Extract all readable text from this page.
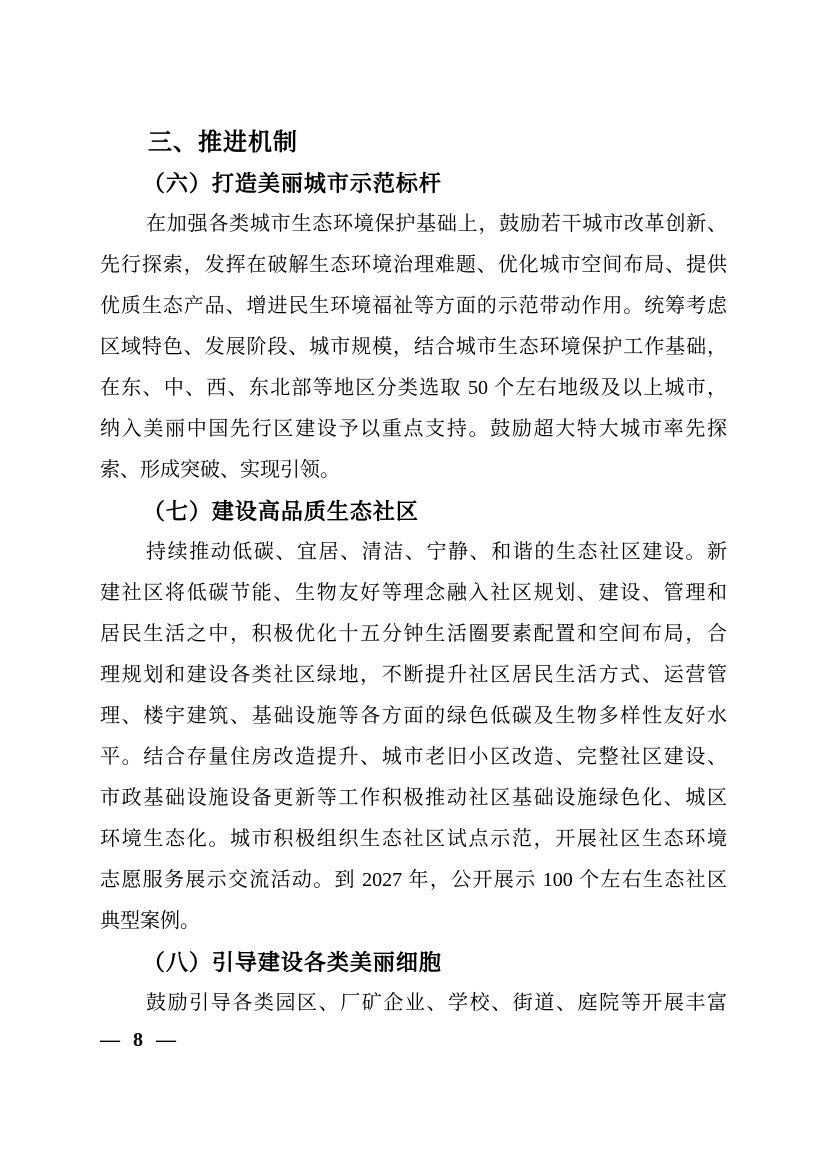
三、推进机制
（六）打造美丽城市示范标杆
在加强各类城市生态环境保护基础上，鼓励若干城市改革创新、
先行探索，发挥在破解生态环境治理难题、优化城市空间布局、提供
优质生态产品、增进民生环境福祉等方面的示范带动作用。统筹考虑
区域特色、发展阶段、城市规模，结合城市生态环境保护工作基础，
在东、中、西、东北部等地区分类选取 50 个左右地级及以上城市，
纳入美丽中国先行区建设予以重点支持。鼓励超大特大城市率先探
索、形成突破、实现引领。
（七）建设高品质生态社区
持续推动低碳、宜居、清洁、宁静、和谐的生态社区建设。新
建社区将低碳节能、生物友好等理念融入社区规划、建设、管理和
居民生活之中，积极优化十五分钟生活圈要素配置和空间布局，合
理规划和建设各类社区绿地，不断提升社区居民生活方式、运营管
理、楼宇建筑、基础设施等各方面的绿色低碳及生物多样性友好水
平。结合存量住房改造提升、城市老旧小区改造、完整社区建设、
市政基础设施设备更新等工作积极推动社区基础设施绿色化、城区
环境生态化。城市积极组织生态社区试点示范，开展社区生态环境
志愿服务展示交流活动。到 2027 年，公开展示 100 个左右生态社区
典型案例。
（八）引导建设各类美丽细胞
鼓励引导各类园区、厂矿企业、学校、街道、庭院等开展丰富
— 8 —
